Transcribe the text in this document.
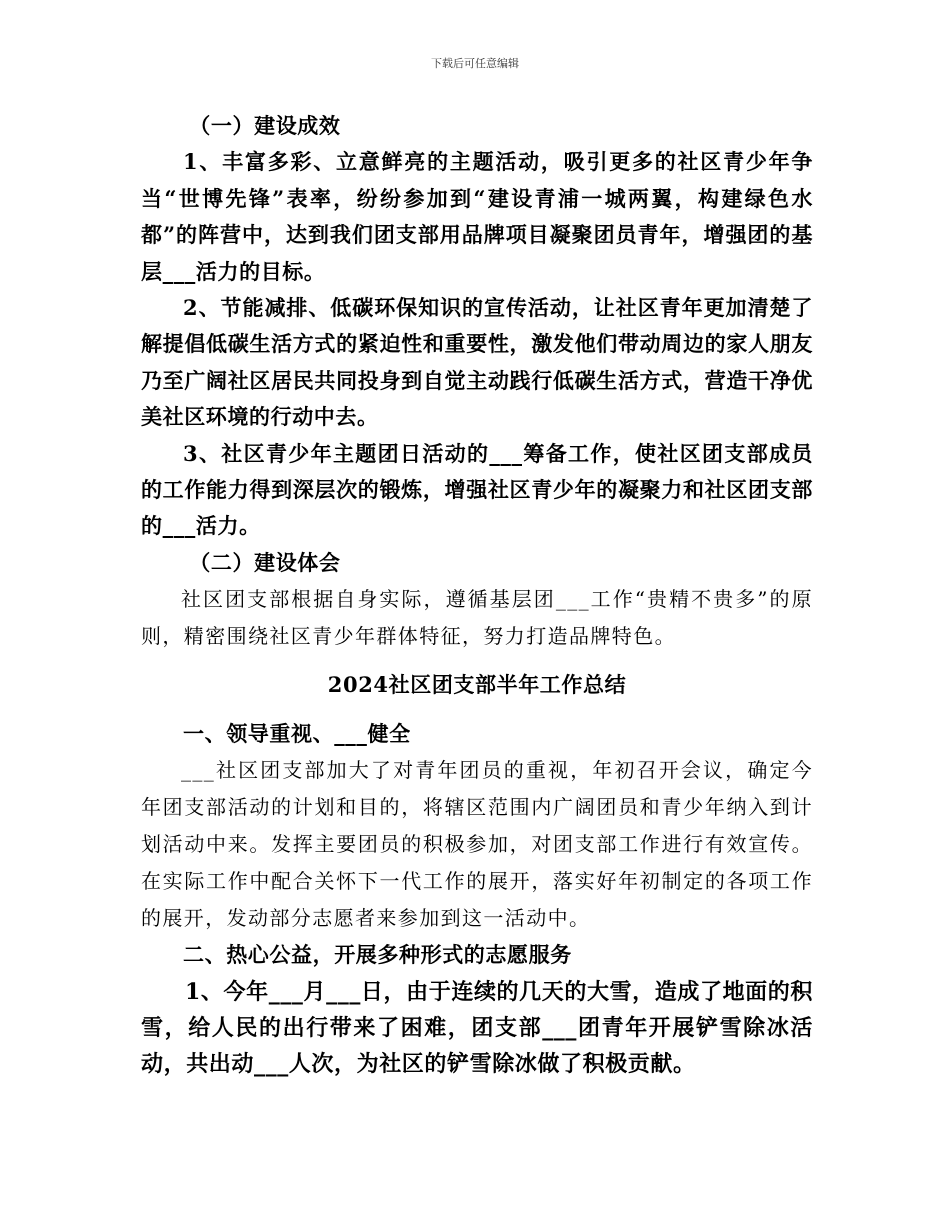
下载后可任意编辑

（一）建设成效

1、丰富多彩、立意鲜亮的主题活动，吸引更多的社区青少年争当“世博先锋”表率，纷纷参加到“建设青浦一城两翼，构建绿色水都”的阵营中，达到我们团支部用品牌项目凝聚团员青年，增强团的基层___活力的目标。

2、节能减排、低碳环保知识的宣传活动，让社区青年更加清楚了解提倡低碳生活方式的紧迫性和重要性，激发他们带动周边的家人朋友乃至广阔社区居民共同投身到自觉主动践行低碳生活方式，营造干净优美社区环境的行动中去。

3、社区青少年主题团日活动的___筹备工作，使社区团支部成员的工作能力得到深层次的锻炼，增强社区青少年的凝聚力和社区团支部的___活力。

（二）建设体会

社区团支部根据自身实际，遵循基层团___工作“贵精不贵多”的原则，精密围绕社区青少年群体特征，努力打造品牌特色。

2024社区团支部半年工作总结

一、领导重视、___健全

___社区团支部加大了对青年团员的重视，年初召开会议，确定今年团支部活动的计划和目的，将辖区范围内广阔团员和青少年纳入到计划活动中来。发挥主要团员的积极参加，对团支部工作进行有效宣传。在实际工作中配合关怀下一代工作的展开，落实好年初制定的各项工作的展开，发动部分志愿者来参加到这一活动中。

二、热心公益，开展多种形式的志愿服务

1、今年___月___日，由于连续的几天的大雪，造成了地面的积雪，给人民的出行带来了困难，团支部___团青年开展铲雪除冰活动，共出动___人次，为社区的铲雪除冰做了积极贡献。
